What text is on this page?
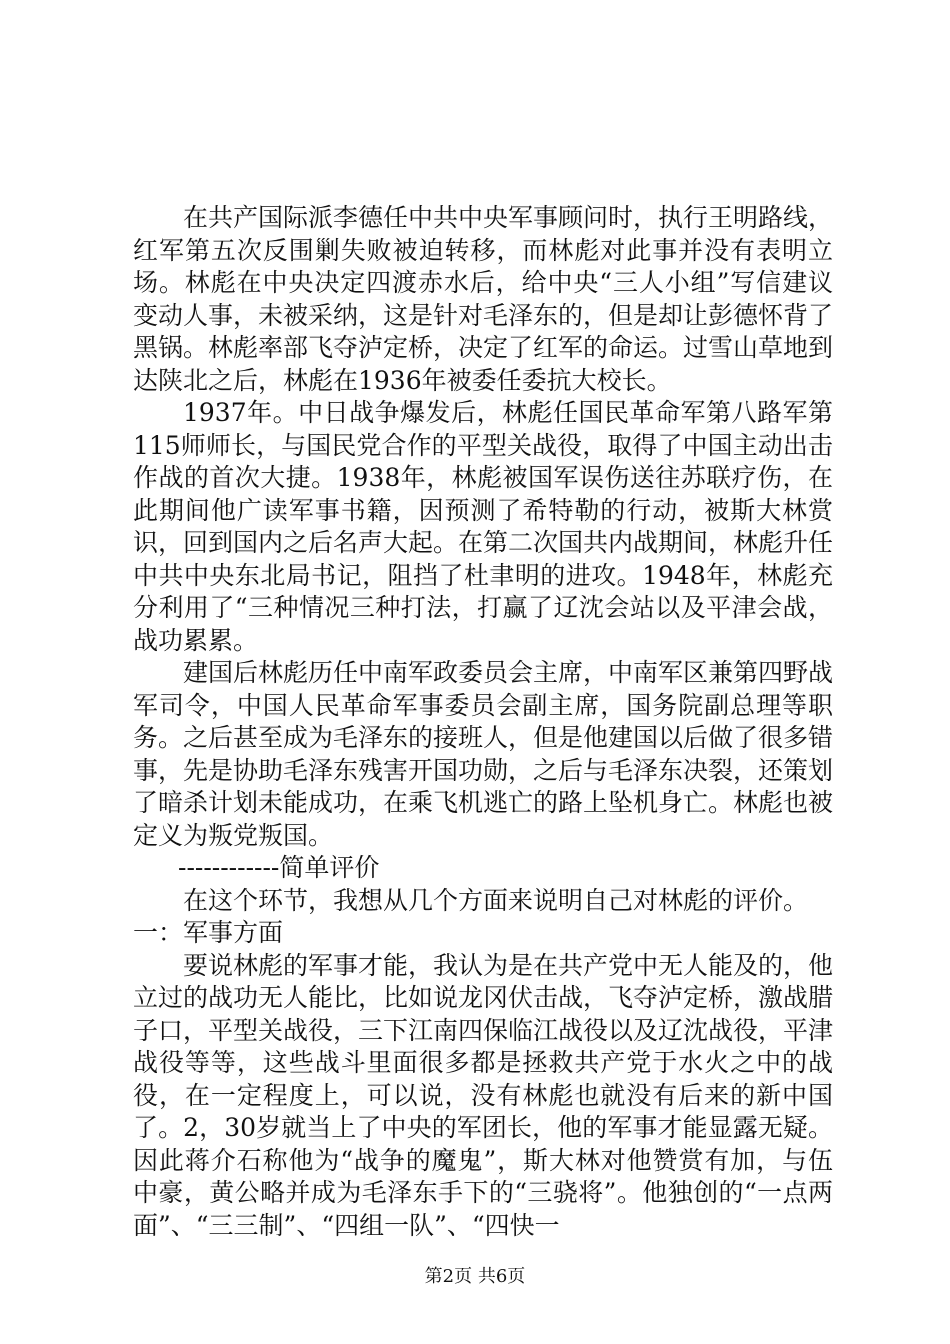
在共产国际派李德任中共中央军事顾问时，执行王明路线，红军第五次反围剿失败被迫转移，而林彪对此事并没有表明立场。林彪在中央决定四渡赤水后，给中央“三人小组”写信建议变动人事，未被采纳，这是针对毛泽东的，但是却让彭德怀背了黑锅。林彪率部飞夺泸定桥，决定了红军的命运。过雪山草地到达陕北之后，林彪在1936年被委任委抗大校长。

1937年。中日战争爆发后，林彪任国民革命军第八路军第115师师长，与国民党合作的平型关战役，取得了中国主动出击作战的首次大捷。1938年，林彪被国军误伤送往苏联疗伤，在此期间他广读军事书籍，因预测了希特勒的行动，被斯大林赏识，回到国内之后名声大起。在第二次国共内战期间，林彪升任中共中央东北局书记，阻挡了杜聿明的进攻。1948年，林彪充分利用了“三种情况三种打法，打赢了辽沈会站以及平津会战，战功累累。

建国后林彪历任中南军政委员会主席，中南军区兼第四野战军司令，中国人民革命军事委员会副主席，国务院副总理等职务。之后甚至成为毛泽东的接班人，但是他建国以后做了很多错事，先是协助毛泽东残害开国功勋，之后与毛泽东决裂，还策划了暗杀计划未能成功，在乘飞机逃亡的路上坠机身亡。林彪也被定义为叛党叛国。

------------简单评价

在这个环节，我想从几个方面来说明自己对林彪的评价。

一：军事方面

要说林彪的军事才能，我认为是在共产党中无人能及的，他立过的战功无人能比，比如说龙冈伏击战，飞夺泸定桥，激战腊子口，平型关战役，三下江南四保临江战役以及辽沈战役，平津战役等等，这些战斗里面很多都是拯救共产党于水火之中的战役，在一定程度上，可以说，没有林彪也就没有后来的新中国了。2，30岁就当上了中央的军团长，他的军事才能显露无疑。因此蒋介石称他为“战争的魔鬼”，斯大林对他赞赏有加，与伍中豪，黄公略并成为毛泽东手下的“三骁将”。他独创的“一点两面”、“三三制”、“四组一队”、“四快一

第2页 共6页
